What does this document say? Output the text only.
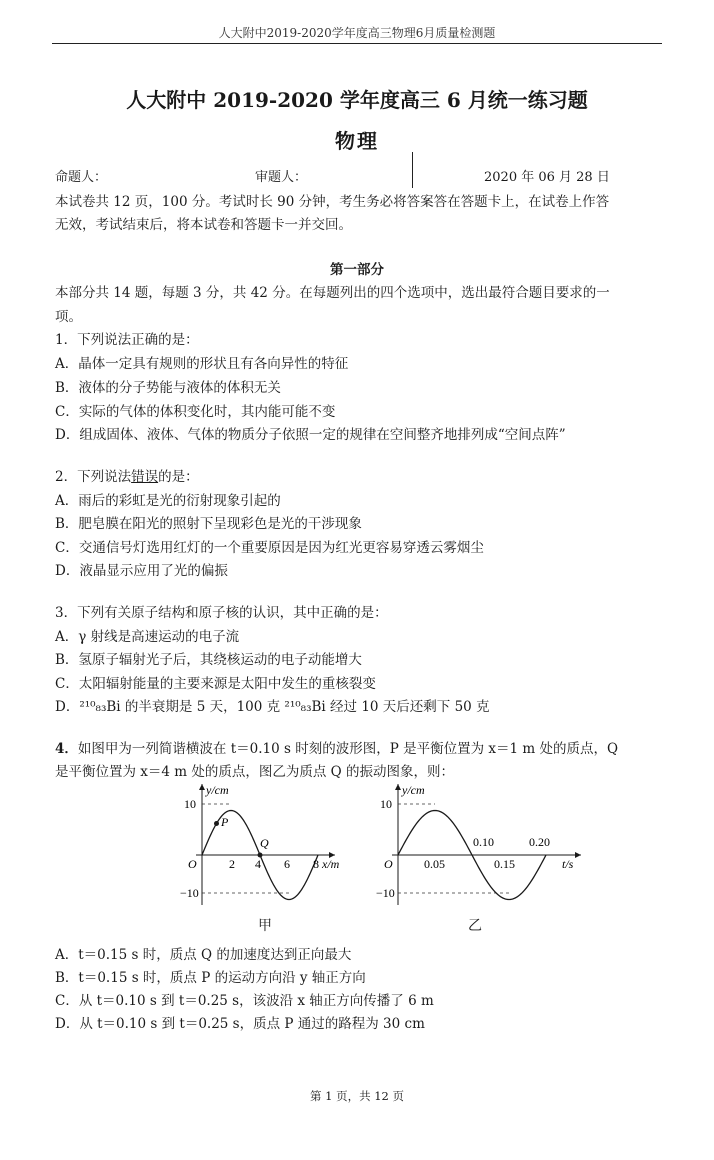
人大附中2019-2020学年度高三物理6月质量检测题
人大附中 2019-2020 学年度高三 6 月统一练习题
物理
命题人：	审题人：	2020 年 06 月 28 日
本试卷共 12 页，100 分。考试时长 90 分钟，考生务必将答案答在答题卡上，在试卷上作答
无效，考试结束后，将本试卷和答题卡一并交回。
第一部分
本部分共 14 题，每题 3 分，共 42 分。在每题列出的四个选项中，选出最符合题目要求的一
项。
1．下列说法正确的是：
A．晶体一定具有规则的形状且有各向异性的特征
B．液体的分子势能与液体的体积无关
C．实际的气体的体积变化时，其内能可能不变
D．组成固体、液体、气体的物质分子依照一定的规律在空间整齐地排列成“空间点阵”
2．下列说法错误的是：
A．雨后的彩虹是光的衍射现象引起的
B．肥皂膜在阳光的照射下呈现彩色是光的干涉现象
C．交通信号灯选用红灯的一个重要原因是因为红光更容易穿透云雾烟尘
D．液晶显示应用了光的偏振
3．下列有关原子结构和原子核的认识，其中正确的是：
A．γ 射线是高速运动的电子流
B．氢原子辐射光子后，其绕核运动的电子动能增大
C．太阳辐射能量的主要来源是太阳中发生的重核裂变
D．²¹⁰₈₃Bi 的半衰期是 5 天，100 克 ²¹⁰₈₃Bi 经过 10 天后还剩下 50 克
4．如图甲为一列简谐横波在 t＝0.10 s 时刻的波形图，P 是平衡位置为 x＝1 m 处的质点，Q
是平衡位置为 x＝4 m 处的质点，图乙为质点 Q 的振动图象，则：
y/cm
10
−10
O	2 4 6 8 x/m
P
Q
y/cm
10
−10
O	0.05	0.15
0.10	0.20
t/s
甲	乙
A．t＝0.15 s 时，质点 Q 的加速度达到正向最大
B．t＝0.15 s 时，质点 P 的运动方向沿 y 轴正方向
C．从 t＝0.10 s 到 t＝0.25 s，该波沿 x 轴正方向传播了 6 m
D．从 t＝0.10 s 到 t＝0.25 s，质点 P 通过的路程为 30 cm
第 1 页，共 12 页
